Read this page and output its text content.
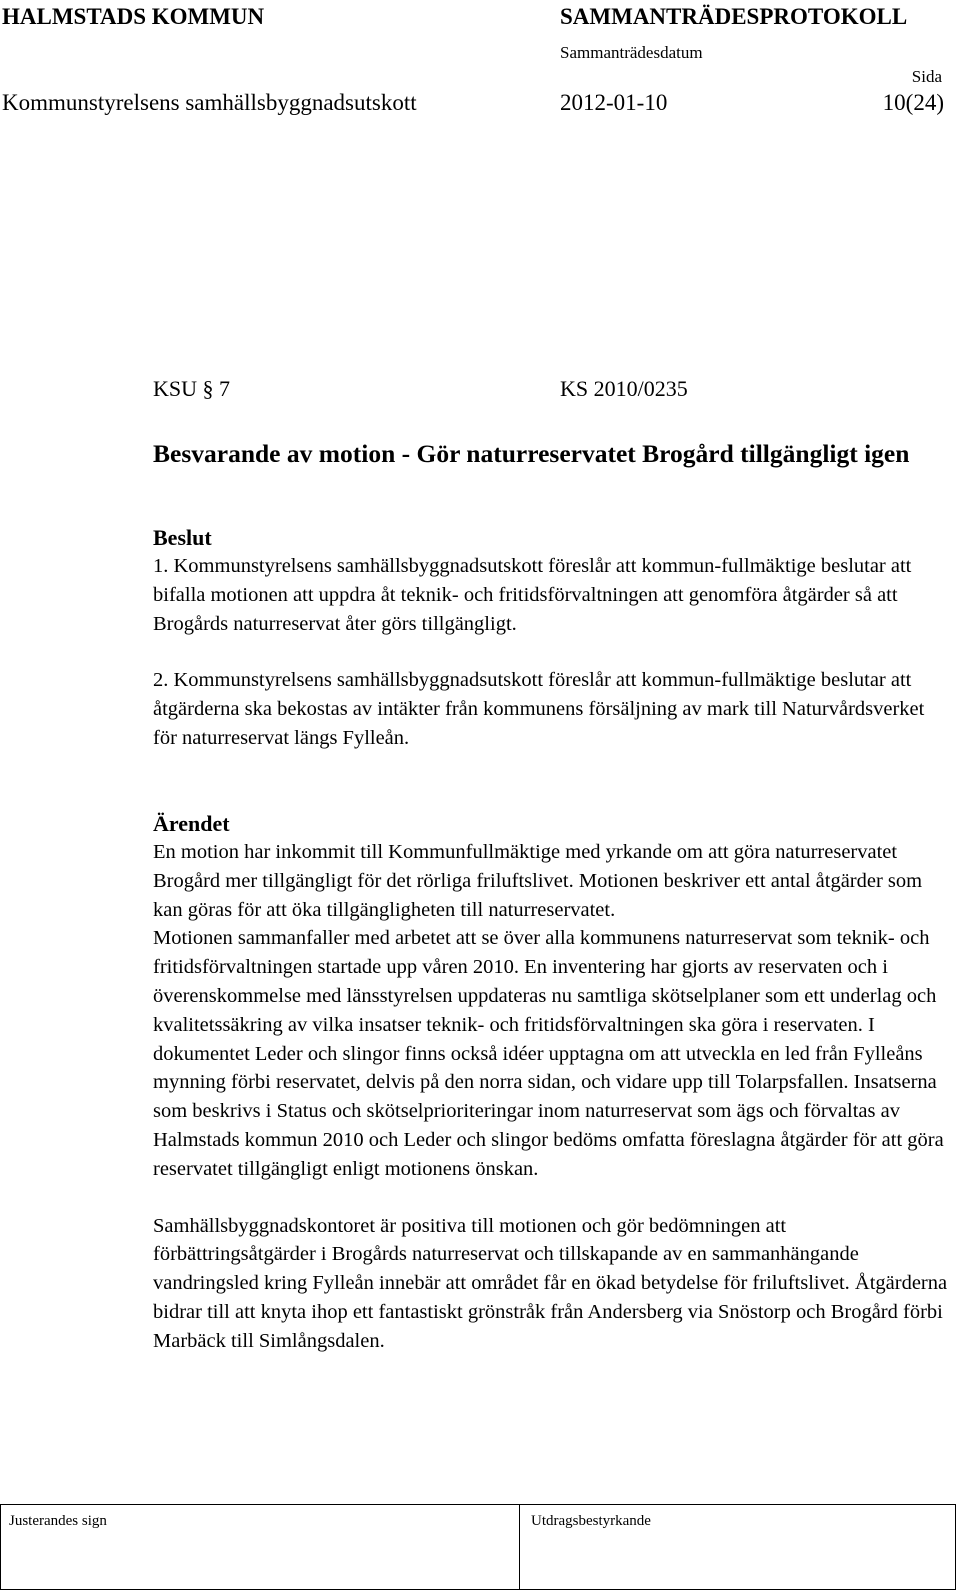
HALMSTADS KOMMUN	SAMMANTRÄDESPROTOKOLL
Sammanträdesdatum
Sida
Kommunstyrelsens samhällsbyggnadsutskott	2012-01-10	10(24)
KSU § 7	KS 2010/0235
Besvarande av motion - Gör naturreservatet Brogård tillgängligt igen
Beslut

1. Kommunstyrelsens samhällsbyggnadsutskott föreslår att kommun-fullmäktige beslutar att bifalla motionen att uppdra åt teknik- och fritidsförvaltningen att genomföra åtgärder så att Brogårds naturreservat åter görs tillgängligt.

2. Kommunstyrelsens samhällsbyggnadsutskott föreslår att kommun-fullmäktige beslutar att åtgärderna ska bekostas av intäkter från kommunens försäljning av mark till Naturvårdsverket för naturreservat längs Fylleån.

Ärendet

En motion har inkommit till Kommunfullmäktige med yrkande om att göra naturreservatet Brogård mer tillgängligt för det rörliga friluftslivet. Motionen beskriver ett antal åtgärder som kan göras för att öka tillgängligheten till naturreservatet.

Motionen sammanfaller med arbetet att se över alla kommunens naturreservat som teknik- och fritidsförvaltningen startade upp våren 2010. En inventering har gjorts av reservaten och i överenskommelse med länsstyrelsen uppdateras nu samtliga skötselplaner som ett underlag och kvalitetssäkring av vilka insatser teknik- och fritidsförvaltningen ska göra i reservaten. I dokumentet Leder och slingor finns också idéer upptagna om att utveckla en led från Fylleåns mynning förbi reservatet, delvis på den norra sidan, och vidare upp till Tolarpsfallen. Insatserna som beskrivs i Status och skötselprioriteringar inom naturreservat som ägs och förvaltas av Halmstads kommun 2010 och Leder och slingor bedöms omfatta föreslagna åtgärder för att göra reservatet tillgängligt enligt motionens önskan.

Samhällsbyggnadskontoret är positiva till motionen och gör bedömningen att förbättringsåtgärder i Brogårds naturreservat och tillskapande av en sammanhängande vandringsled kring Fylleån innebär att området får en ökad betydelse för friluftslivet. Åtgärderna bidrar till att knyta ihop ett fantastiskt grönstråk från Andersberg via Snöstorp och Brogård förbi Marbäck till Simlångsdalen.

Justerandes sign	Utdragsbestyrkande
